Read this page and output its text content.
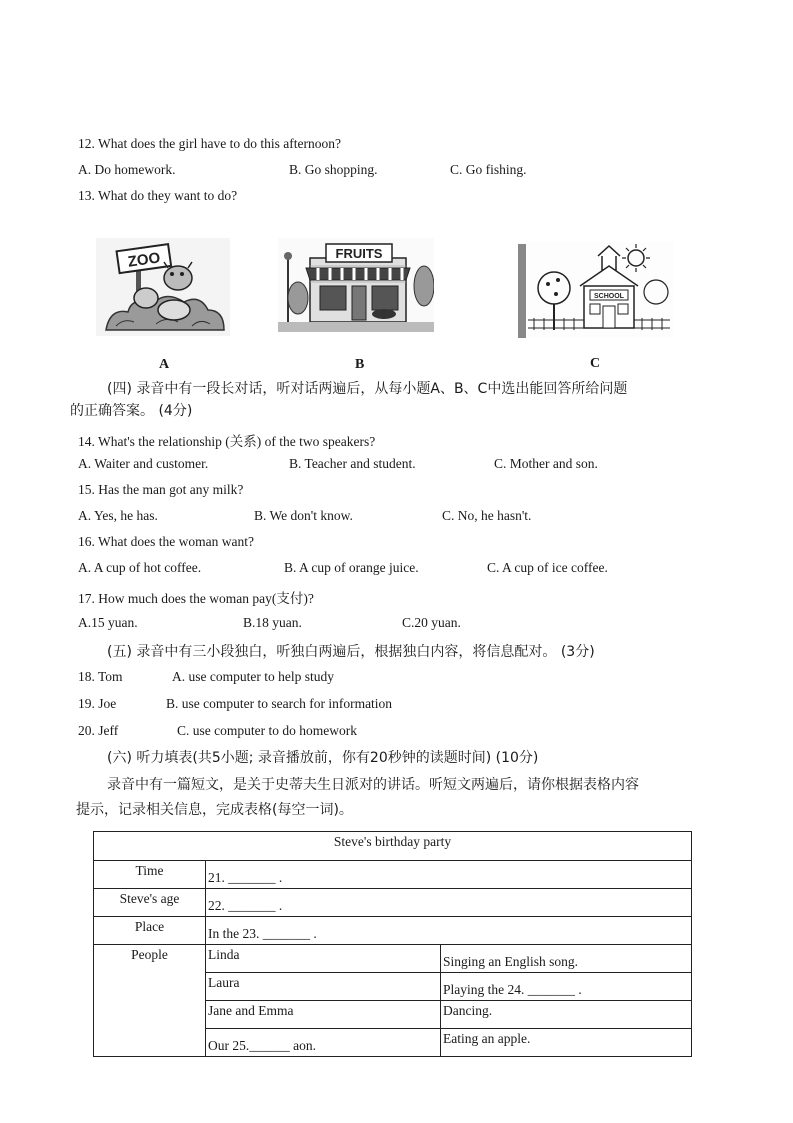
12. What does the girl have to do this afternoon?
A. Do homework.	B. Go shopping.	C. Go fishing.
13. What do they want to do?
ZOO
A
FRUITS
B
SCHOOL
C
(四) 录音中有一段长对话，听对话两遍后，从每小题A、B、C中选出能回答所给问题
的正确答案。 (4分)
14. What's the relationship (关系) of the two speakers?
A. Waiter and customer.	B. Teacher and student.	C. Mother and son.
15. Has the man got any milk?
A. Yes, he has.	B. We don't know.	C. No, he hasn't.
16. What does the woman want?
A. A cup of hot coffee.	B. A cup of orange juice.	C. A cup of ice coffee.
17. How much does the woman pay(支付)?
A.15 yuan.	B.18 yuan.	C.20 yuan.
(五) 录音中有三小段独白，听独白两遍后，根据独白内容，将信息配对。 (3分)
18. Tom	A. use computer to help study
19. Joe	B. use computer to search for information
20. Jeff	C. use computer to do homework
(六) 听力填表(共5小题; 录音播放前，你有20秒钟的读题时间) (10分)
录音中有一篇短文，是关于史蒂夫生日派对的讲话。听短文两遍后，请你根据表格内容
提示，记录相关信息，完成表格(每空一词)。
Steve's birthday party		
Time	21. _______ .	
Steve's age	22. _______ .	
Place	In the 23. _______ .	
People	Linda	Singing an English song.
	Laura	Playing the 24. _______ .
	Jane and Emma	Dancing.
	Our 25.______ aon.	Eating an apple.
